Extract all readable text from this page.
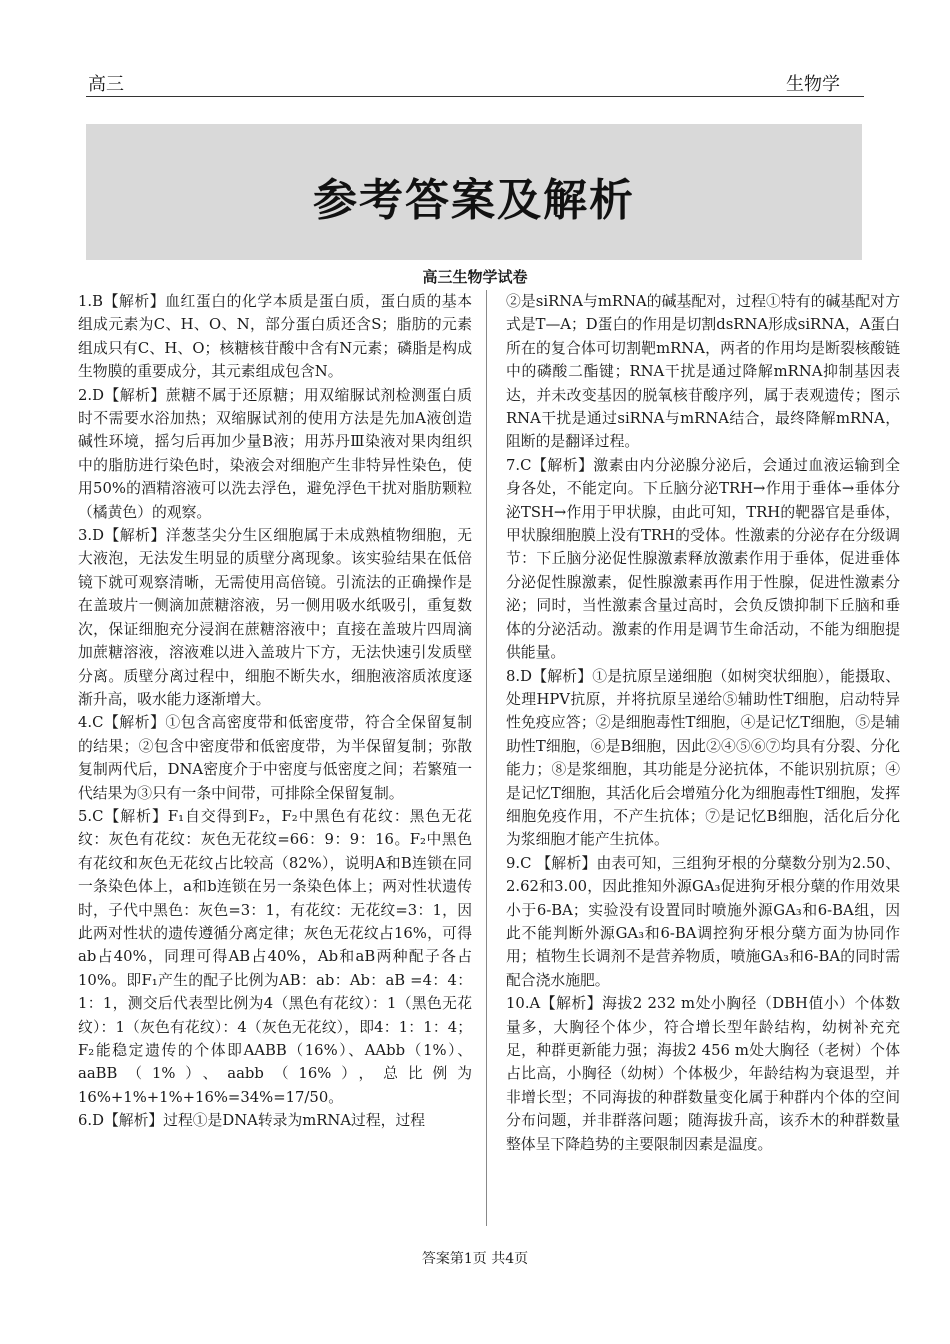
高三	生物学
参考答案及解析
高三生物学试卷

1.B【解析】血红蛋白的化学本质是蛋白质，蛋白质的基本组成元素为C、H、O、N，部分蛋白质还含S；脂肪的元素组成只有C、H、O；核糖核苷酸中含有N元素；磷脂是构成生物膜的重要成分，其元素组成包含N。

2.D【解析】蔗糖不属于还原糖；用双缩脲试剂检测蛋白质时不需要水浴加热；双缩脲试剂的使用方法是先加A液创造碱性环境，摇匀后再加少量B液；用苏丹Ⅲ染液对果肉组织中的脂肪进行染色时，染液会对细胞产生非特异性染色，使用50%的酒精溶液可以洗去浮色，避免浮色干扰对脂肪颗粒（橘黄色）的观察。

3.D【解析】洋葱茎尖分生区细胞属于未成熟植物细胞，无大液泡，无法发生明显的质壁分离现象。该实验结果在低倍镜下就可观察清晰，无需使用高倍镜。引流法的正确操作是在盖玻片一侧滴加蔗糖溶液，另一侧用吸水纸吸引，重复数次，保证细胞充分浸润在蔗糖溶液中；直接在盖玻片四周滴加蔗糖溶液，溶液难以进入盖玻片下方，无法快速引发质壁分离。质壁分离过程中，细胞不断失水，细胞液溶质浓度逐渐升高，吸水能力逐渐增大。

4.C【解析】①包含高密度带和低密度带，符合全保留复制的结果；②包含中密度带和低密度带，为半保留复制；弥散复制两代后，DNA密度介于中密度与低密度之间；若繁殖一代结果为③只有一条中间带，可排除全保留复制。

5.C【解析】F₁自交得到F₂，F₂中黑色有花纹：黑色无花纹：灰色有花纹：灰色无花纹=66：9：9：16。F₂中黑色有花纹和灰色无花纹占比较高（82%），说明A和B连锁在同一条染色体上，a和b连锁在另一条染色体上；两对性状遗传时，子代中黑色：灰色=3：1，有花纹：无花纹=3：1，因此两对性状的遗传遵循分离定律；灰色无花纹占16%，可得ab占40%，同理可得AB占40%，Ab和aB两种配子各占10%。即F₁产生的配子比例为AB：ab：Ab：aB =4：4：1：1，测交后代表型比例为4（黑色有花纹）：1（黑色无花纹）：1（灰色有花纹）：4（灰色无花纹），即4：1：1：4；F₂能稳定遗传的个体即AABB（16%）、AAbb（1%）、aaBB（1%）、aabb（16%），总比例为16%+1%+1%+16%=34%=17/50。

6.D【解析】过程①是DNA转录为mRNA过程，过程

②是siRNA与mRNA的碱基配对，过程①特有的碱基配对方式是T—A；D蛋白的作用是切割dsRNA形成siRNA，A蛋白所在的复合体可切割靶mRNA，两者的作用均是断裂核酸链中的磷酸二酯键；RNA干扰是通过降解mRNA抑制基因表达，并未改变基因的脱氧核苷酸序列，属于表观遗传；图示RNA干扰是通过siRNA与mRNA结合，最终降解mRNA，阻断的是翻译过程。

7.C【解析】激素由内分泌腺分泌后，会通过血液运输到全身各处，不能定向。下丘脑分泌TRH→作用于垂体→垂体分泌TSH→作用于甲状腺，由此可知，TRH的靶器官是垂体，甲状腺细胞膜上没有TRH的受体。性激素的分泌存在分级调节：下丘脑分泌促性腺激素释放激素作用于垂体，促进垂体分泌促性腺激素，促性腺激素再作用于性腺，促进性激素分泌；同时，当性激素含量过高时，会负反馈抑制下丘脑和垂体的分泌活动。激素的作用是调节生命活动，不能为细胞提供能量。

8.D【解析】①是抗原呈递细胞（如树突状细胞），能摄取、处理HPV抗原，并将抗原呈递给⑤辅助性T细胞，启动特异性免疫应答；②是细胞毒性T细胞，④是记忆T细胞，⑤是辅助性T细胞，⑥是B细胞，因此②④⑤⑥⑦均具有分裂、分化能力；⑧是浆细胞，其功能是分泌抗体，不能识别抗原；④是记忆T细胞，其活化后会增殖分化为细胞毒性T细胞，发挥细胞免疫作用，不产生抗体；⑦是记忆B细胞，活化后分化为浆细胞才能产生抗体。

9.C 【解析】由表可知，三组狗牙根的分蘖数分别为2.50、2.62和3.00，因此推知外源GA₃促进狗牙根分蘖的作用效果小于6-BA；实验没有设置同时喷施外源GA₃和6-BA组，因此不能判断外源GA₃和6-BA调控狗牙根分蘖方面为协同作用；植物生长调剂不是营养物质，喷施GA₃和6-BA的同时需配合浇水施肥。

10.A【解析】海拔2 232 m处小胸径（DBH值小）个体数量多，大胸径个体少，符合增长型年龄结构，幼树补充充足，种群更新能力强；海拔2 456 m处大胸径（老树）个体占比高，小胸径（幼树）个体极少，年龄结构为衰退型，并非增长型；不同海拔的种群数量变化属于种群内个体的空间分布问题，并非群落问题；随海拔升高，该乔木的种群数量整体呈下降趋势的主要限制因素是温度。

答案第1页 共4页
